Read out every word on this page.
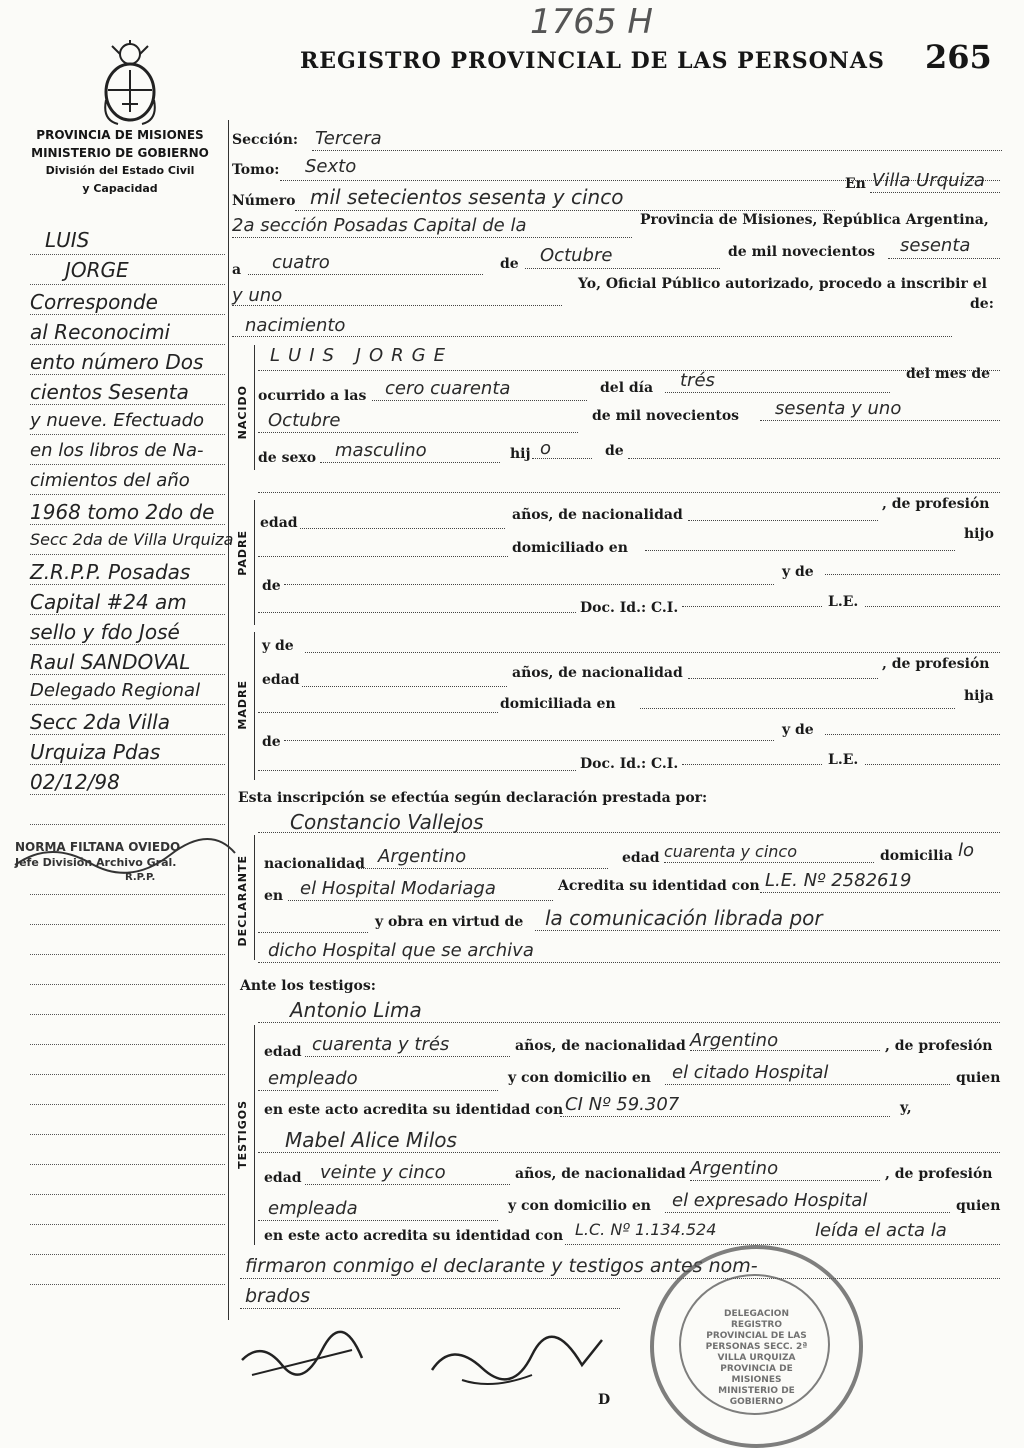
1765 H
REGISTRO PROVINCIAL DE LAS PERSONAS 265
PROVINCIA DE MISIONES
MINISTERIO DE GOBIERNO
División del Estado Civil
y Capacidad
LUIS
JORGE
Corresponde
al Reconocimi
ento número Dos
cientos Sesenta
y nueve. Efectuado
en los libros de Na-
cimientos del año
1968 tomo 2do de
Secc 2da de Villa Urquiza
Z.R.P.P. Posadas
Capital #24 am
sello y fdo José
Raul SANDOVAL
Delegado Regional
Secc 2da Villa
Urquiza Pdas
02/12/98
NORMA FILTANA OVIEDO
Jefe División Archivo Gral.
R.P.P.
Sección: Tercera
Tomo: Sexto
Número mil setecientos sesenta y cinco
En Villa Urquiza
2a sección Posadas Capital de la	Provincia de Misiones, República Argentina,
a cuatro	de Octubre	de mil novecientos sesenta
y uno
Yo, Oficial Público autorizado, procedo a inscribir el
nacimiento
de:
NACIDO
LUIS JORGE
ocurrido a las cero cuarenta	del día trés	del mes de
Octubre	de mil novecientos sesenta y uno
de sexo masculino	hij o	de
PADRE
edad	años, de nacionalidad
, de profesión
domiciliado en
hijo
de
y de
Doc. Id.: C.I.	L.E.
MADRE
y de
edad	años, de nacionalidad
, de profesión
domiciliada en	hija
de
y de
Doc. Id.: C.I.	L.E.
Esta inscripción se efectúa según declaración prestada por:
Constancio Vallejos
DECLARANTE nacionalidad Argentino	edad cuarenta y cinco	domicilia lo
en el Hospital Modariaga	Acredita su identidad con L.E. Nº 2582619
y obra en virtud de la comunicación librada por
dicho Hospital que se archiva
Ante los testigos:
Antonio Lima
TESTIGOS
edad cuarenta y trés	años, de nacionalidad Argentino	, de profesión
empleado	y con domicilio en el citado Hospital	quien
en este acto acredita su identidad con CI Nº 59.307	y,
Mabel Alice Milos
edad veinte y cinco	años, de nacionalidad Argentino	, de profesión
empleada	y con domicilio en el expresado Hospital	quien
en este acto acredita su identidad con L.C. Nº 1.134.524	leída el acta la
firmaron conmigo el declarante y testigos antes nom-
brados
DELEGACION REGISTRO PROVINCIAL DE LAS PERSONAS SECC. 2ª VILLA URQUIZA PROVINCIA DE MISIONES MINISTERIO DE GOBIERNO
D
